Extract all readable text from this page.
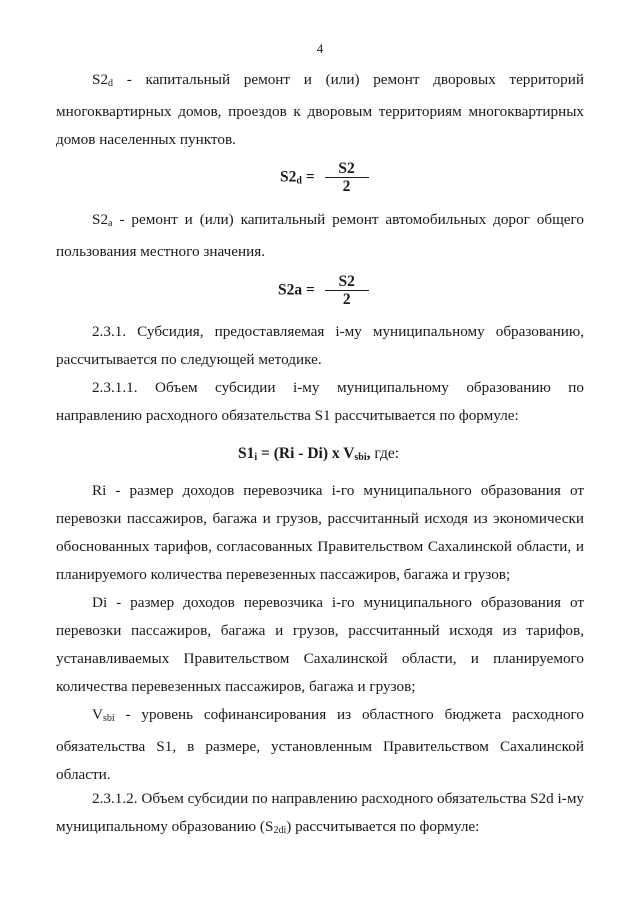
4
$S2_d$ - капитальный ремонт и (или) ремонт дворовых территорий
многоквартирных домов, проездов к дворовым территориям многоквартирных
домов населенных пунктов.
$S2_d = \frac{S2}{2}$
$S2_a$ - ремонт и (или) капитальный ремонт автомобильных дорог общего
пользования местного значения.
$S2a = \frac{S2}{2}$
2.3.1. Субсидия, предоставляемая i-му муниципальному образованию,
рассчитывается по следующей методике.
2.3.1.1. Объем субсидии i-му муниципальному образованию по
направлению расходного обязательства S1 рассчитывается по формуле:
$S1_i = (Ri - Di)$ x $V_{sbi}$, где:
Ri - размер доходов перевозчика i-го муниципального образования от
перевозки пассажиров, багажа и грузов, рассчитанный исходя из экономически
обоснованных тарифов, согласованных Правительством Сахалинской области, и
планируемого количества перевезенных пассажиров, багажа и грузов;
Di - размер доходов перевозчика i-го муниципального образования от
перевозки пассажиров, багажа и грузов, рассчитанный исходя из тарифов,
устанавливаемых Правительством Сахалинской области, и планируемого
количества перевезенных пассажиров, багажа и грузов;
$V_{sbi}$ - уровень софинансирования из областного бюджета расходного
обязательства S1, в размере, установленным Правительством Сахалинской
области.
2.3.1.2. Объем субсидии по направлению расходного обязательства S2d i-му
муниципальному образованию $(S_{2di})$ рассчитывается по формуле:
